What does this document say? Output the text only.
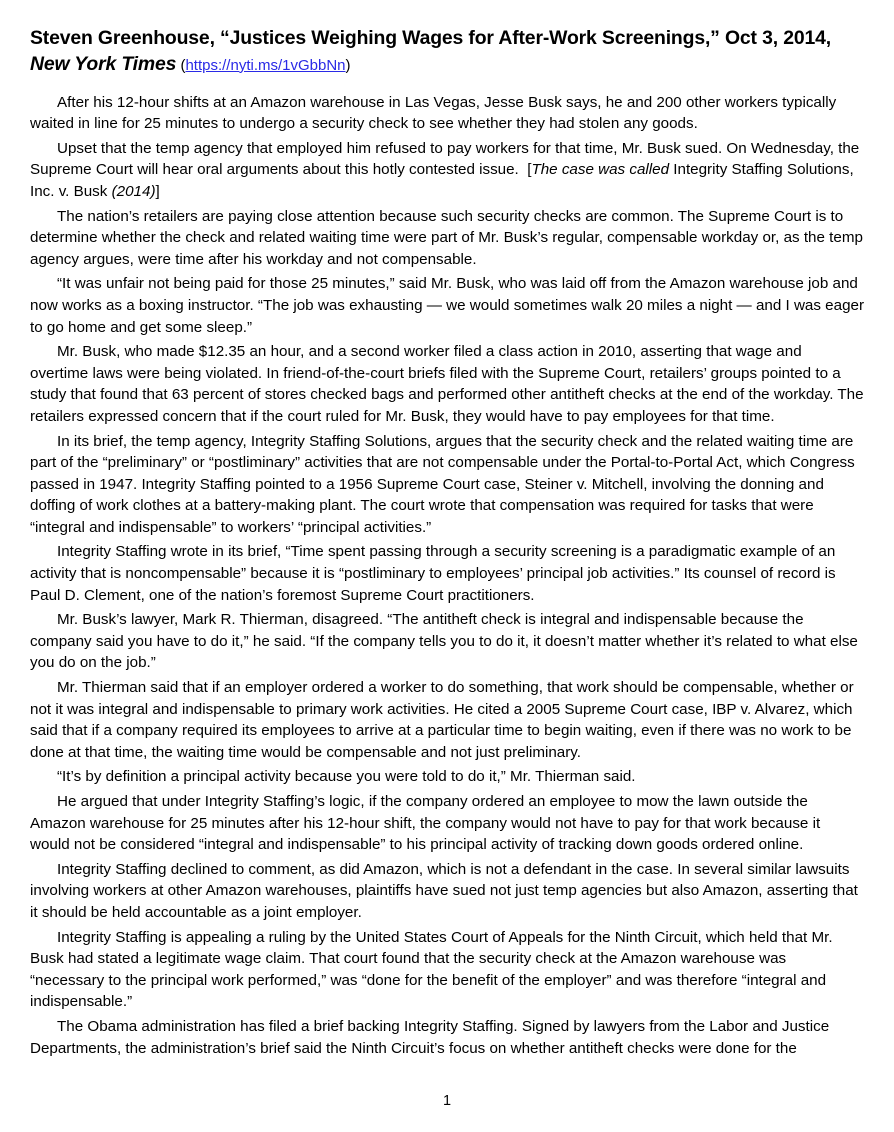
Steven Greenhouse, “Justices Weighing Wages for After-Work Screenings,” Oct 3, 2014, New York Times (https://nyti.ms/1vGbbNn)

After his 12-hour shifts at an Amazon warehouse in Las Vegas, Jesse Busk says, he and 200 other workers typically waited in line for 25 minutes to undergo a security check to see whether they had stolen any goods.

Upset that the temp agency that employed him refused to pay workers for that time, Mr. Busk sued. On Wednesday, the Supreme Court will hear oral arguments about this hotly contested issue.  [The case was called Integrity Staffing Solutions, Inc. v. Busk (2014)]

The nation’s retailers are paying close attention because such security checks are common. The Supreme Court is to determine whether the check and related waiting time were part of Mr. Busk’s regular, compensable workday or, as the temp agency argues, were time after his workday and not compensable.

“It was unfair not being paid for those 25 minutes,” said Mr. Busk, who was laid off from the Amazon warehouse job and now works as a boxing instructor. “The job was exhausting — we would sometimes walk 20 miles a night — and I was eager to go home and get some sleep.”

Mr. Busk, who made $12.35 an hour, and a second worker filed a class action in 2010, asserting that wage and overtime laws were being violated. In friend-of-the-court briefs filed with the Supreme Court, retailers’ groups pointed to a study that found that 63 percent of stores checked bags and performed other antitheft checks at the end of the workday. The retailers expressed concern that if the court ruled for Mr. Busk, they would have to pay employees for that time.

In its brief, the temp agency, Integrity Staffing Solutions, argues that the security check and the related waiting time are part of the “preliminary” or “postliminary” activities that are not compensable under the Portal-to-Portal Act, which Congress passed in 1947. Integrity Staffing pointed to a 1956 Supreme Court case, Steiner v. Mitchell, involving the donning and doffing of work clothes at a battery-making plant. The court wrote that compensation was required for tasks that were “integral and indispensable” to workers’ “principal activities.”

Integrity Staffing wrote in its brief, “Time spent passing through a security screening is a paradigmatic example of an activity that is noncompensable” because it is “postliminary to employees’ principal job activities.” Its counsel of record is Paul D. Clement, one of the nation’s foremost Supreme Court practitioners.

Mr. Busk’s lawyer, Mark R. Thierman, disagreed. “The antitheft check is integral and indispensable because the company said you have to do it,” he said. “If the company tells you to do it, it doesn’t matter whether it’s related to what else you do on the job.”

Mr. Thierman said that if an employer ordered a worker to do something, that work should be compensable, whether or not it was integral and indispensable to primary work activities. He cited a 2005 Supreme Court case, IBP v. Alvarez, which said that if a company required its employees to arrive at a particular time to begin waiting, even if there was no work to be done at that time, the waiting time would be compensable and not just preliminary.

“It’s by definition a principal activity because you were told to do it,” Mr. Thierman said.

He argued that under Integrity Staffing’s logic, if the company ordered an employee to mow the lawn outside the Amazon warehouse for 25 minutes after his 12-hour shift, the company would not have to pay for that work because it would not be considered “integral and indispensable” to his principal activity of tracking down goods ordered online.

Integrity Staffing declined to comment, as did Amazon, which is not a defendant in the case. In several similar lawsuits involving workers at other Amazon warehouses, plaintiffs have sued not just temp agencies but also Amazon, asserting that it should be held accountable as a joint employer.

Integrity Staffing is appealing a ruling by the United States Court of Appeals for the Ninth Circuit, which held that Mr. Busk had stated a legitimate wage claim. That court found that the security check at the Amazon warehouse was “necessary to the principal work performed,” was “done for the benefit of the employer” and was therefore “integral and indispensable.”

The Obama administration has filed a brief backing Integrity Staffing. Signed by lawyers from the Labor and Justice Departments, the administration’s brief said the Ninth Circuit’s focus on whether antitheft checks were done for the

1
